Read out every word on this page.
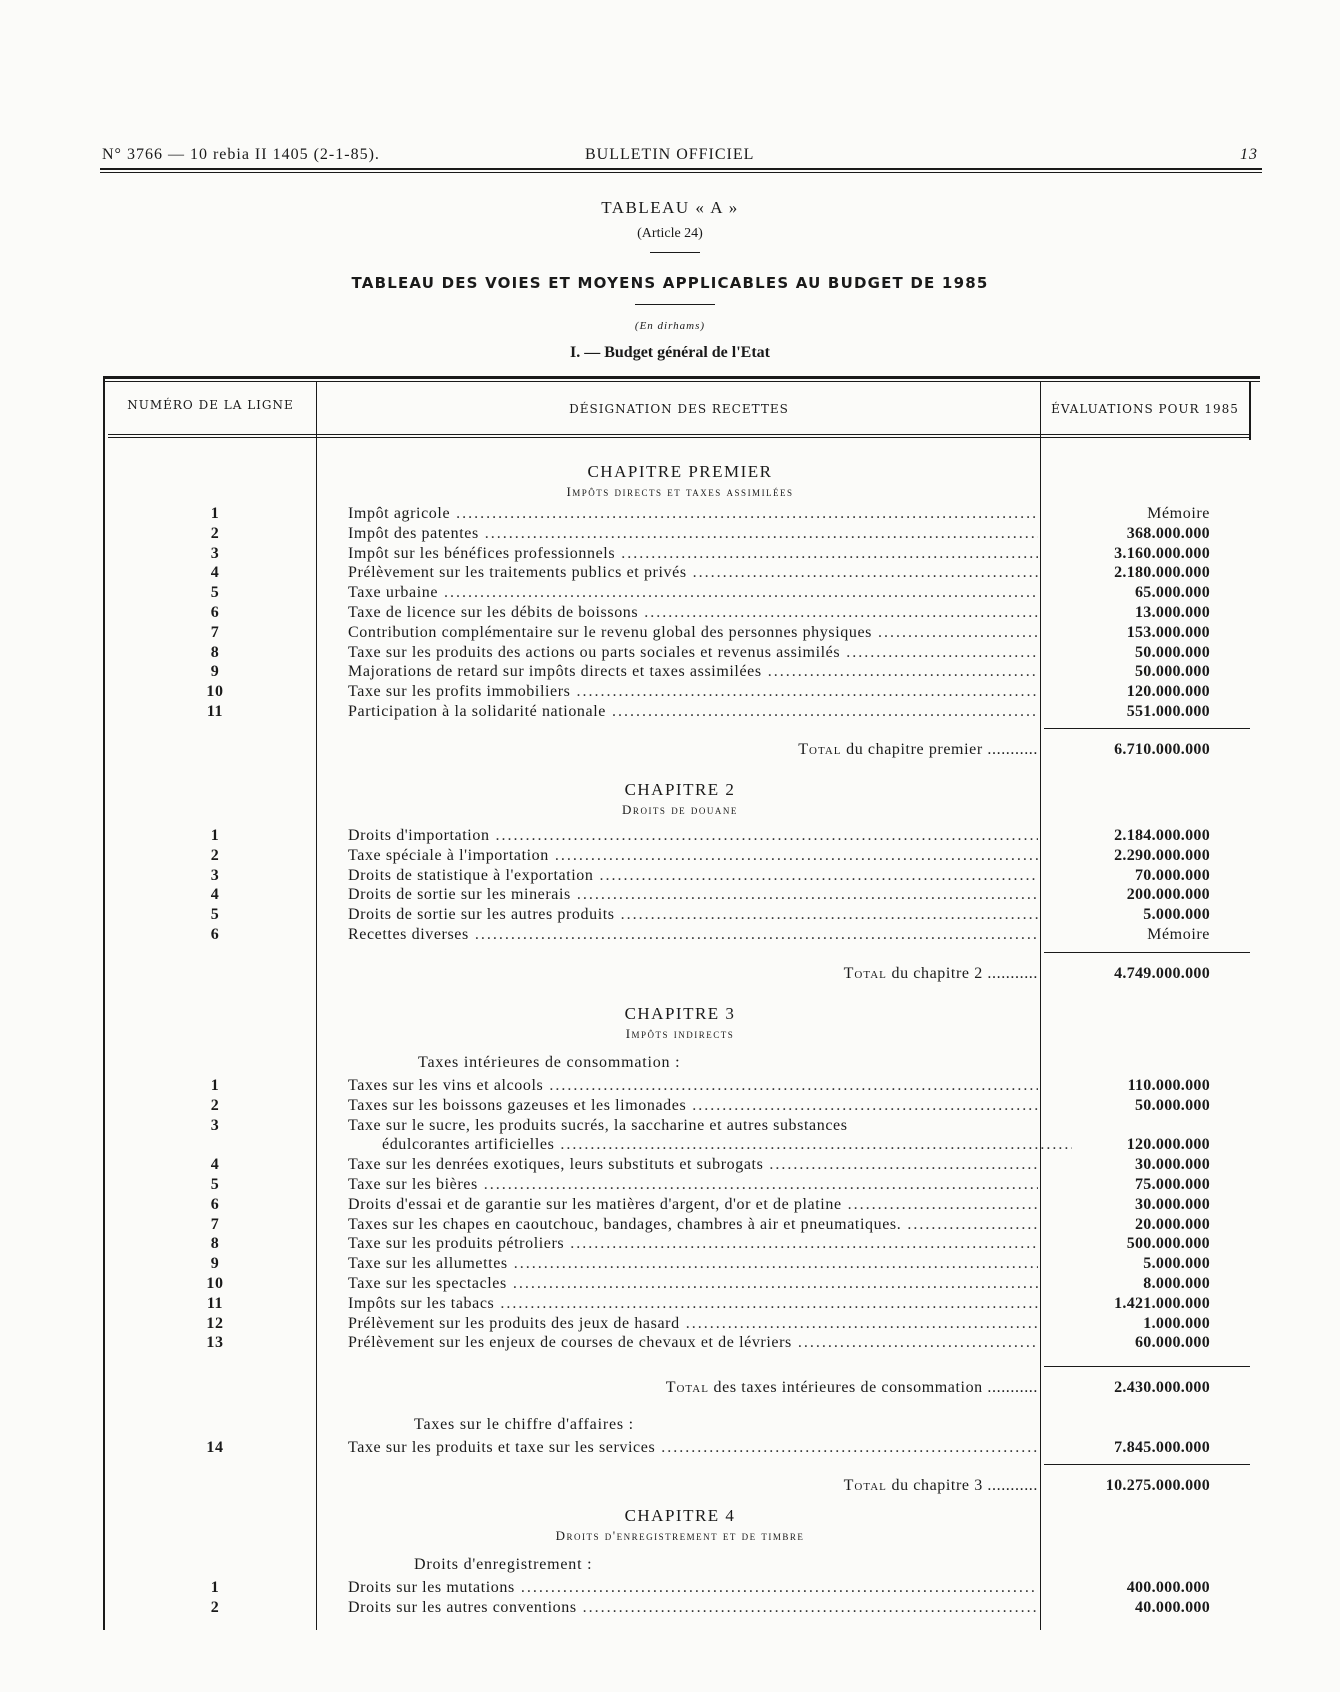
N° 3766 — 10 rebia II 1405 (2-1-85).	BULLETIN OFFICIEL	13
TABLEAU « A »
(Article 24)
TABLEAU DES VOIES ET MOYENS APPLICABLES AU BUDGET DE 1985
(En dirhams)
I. — Budget général de l'Etat
NUMÉRO DE LA LIGNE	DÉSIGNATION DES RECETTES	ÉVALUATIONS POUR 1985
CHAPITRE PREMIER
Impôts directs et taxes assimilées
1	Impôt agricole .....	Mémoire
2	Impôt des patentes .....	368.000.000
3	Impôt sur les bénéfices professionnels .....	3.160.000.000
4	Prélèvement sur les traitements publics et privés .....	2.180.000.000
5	Taxe urbaine .....	65.000.000
6	Taxe de licence sur les débits de boissons .....	13.000.000
7	Contribution complémentaire sur le revenu global des personnes physiques .....	153.000.000
8	Taxe sur les produits des actions ou parts sociales et revenus assimilés .....	50.000.000
9	Majorations de retard sur impôts directs et taxes assimilées .....	50.000.000
10	Taxe sur les profits immobiliers .....	120.000.000
11	Participation à la solidarité nationale .....	551.000.000
Total du chapitre premier ...........	6.710.000.000
CHAPITRE 2
Droits de douane
1	Droits d'importation .....	2.184.000.000
2	Taxe spéciale à l'importation .....	2.290.000.000
3	Droits de statistique à l'exportation .....	70.000.000
4	Droits de sortie sur les minerais .....	200.000.000
5	Droits de sortie sur les autres produits .....	5.000.000
6	Recettes diverses .....	Mémoire
Total du chapitre 2 ...........	4.749.000.000
CHAPITRE 3
Impôts indirects
Taxes intérieures de consommation :
1	Taxes sur les vins et alcools .....	110.000.000
2	Taxes sur les boissons gazeuses et les limonades .....	50.000.000
3	Taxe sur le sucre, les produits sucrés, la saccharine et autres substances
édulcorantes artificielles .....	120.000.000
4	Taxe sur les denrées exotiques, leurs substituts et subrogats .....	30.000.000
5	Taxe sur les bières .....	75.000.000
6	Droits d'essai et de garantie sur les matières d'argent, d'or et de platine .....	30.000.000
7	Taxes sur les chapes en caoutchouc, bandages, chambres à air et pneumatiques. .....	20.000.000
8	Taxe sur les produits pétroliers .....	500.000.000
9	Taxe sur les allumettes .....	5.000.000
10	Taxe sur les spectacles .....	8.000.000
11	Impôts sur les tabacs .....	1.421.000.000
12	Prélèvement sur les produits des jeux de hasard .....	1.000.000
13	Prélèvement sur les enjeux de courses de chevaux et de lévriers .....	60.000.000
Total des taxes intérieures de consommation ...........	2.430.000.000
Taxes sur le chiffre d'affaires :
14	Taxe sur les produits et taxe sur les services .....	7.845.000.000
Total du chapitre 3 ...........	10.275.000.000
CHAPITRE 4
Droits d'enregistrement et de timbre
Droits d'enregistrement :
1	Droits sur les mutations .....	400.000.000
2	Droits sur les autres conventions .....	40.000.000
